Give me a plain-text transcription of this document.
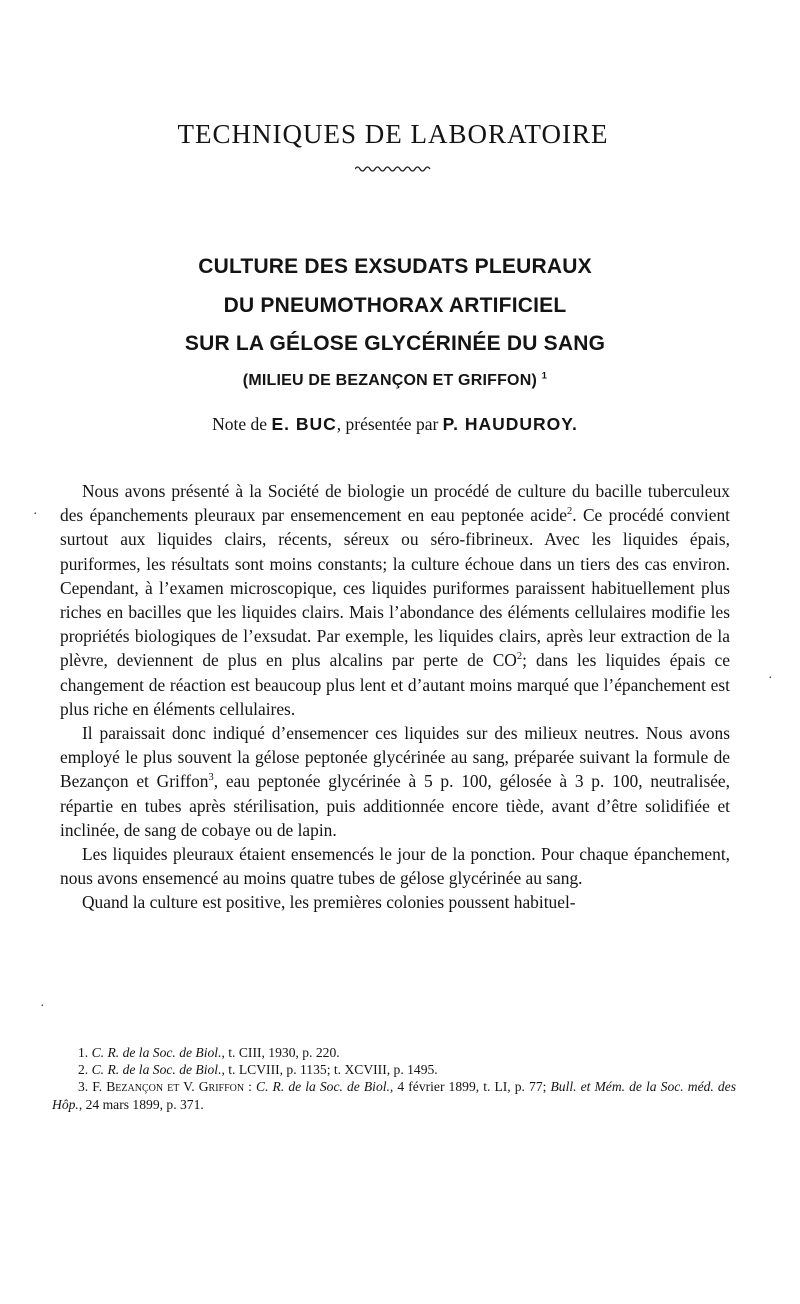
TECHNIQUES DE LABORATOIRE
CULTURE DES EXSUDATS PLEURAUX
DU PNEUMOTHORAX ARTIFICIEL
SUR LA GÉLOSE GLYCÉRINÉE DU SANG
(MILIEU DE BEZANÇON ET GRIFFON) $^1$
Note de E. BUC, présentée par P. HAUDUROY.
·
·
·

Nous avons présenté à la Société de biologie un procédé de culture du bacille tuberculeux des épanchements pleuraux par ensemencement en eau peptonée acide$^2$. Ce procédé convient surtout aux liquides clairs, récents, séreux ou séro-fibrineux. Avec les liquides épais, puriformes, les résultats sont moins constants; la culture échoue dans un tiers des cas environ. Cependant, à l’examen microscopique, ces liquides puriformes paraissent habituellement plus riches en bacilles que les liquides clairs. Mais l’abondance des éléments cellulaires modifie les propriétés biologiques de l’exsudat. Par exemple, les liquides clairs, après leur extraction de la plèvre, deviennent de plus en plus alcalins par perte de $CO^2$; dans les liquides épais ce changement de réaction est beaucoup plus lent et d’autant moins marqué que l’épanchement est plus riche en éléments cellulaires.

Il paraissait donc indiqué d’ensemencer ces liquides sur des milieux neutres. Nous avons employé le plus souvent la gélose peptonée glycérinée au sang, préparée suivant la formule de Bezançon et Griffon$^3$, eau peptonée glycérinée à 5 p. 100, gélosée à 3 p. 100, neutralisée, répartie en tubes après stérilisation, puis additionnée encore tiède, avant d’être solidifiée et inclinée, de sang de cobaye ou de lapin.

Les liquides pleuraux étaient ensemencés le jour de la ponction. Pour chaque épanchement, nous avons ensemencé au moins quatre tubes de gélose glycérinée au sang.

Quand la culture est positive, les premières colonies poussent habituel-

1. C. R. de la Soc. de Biol., t. CIII, 1930, p. 220.

2. C. R. de la Soc. de Biol., t. LCVIII, p. 1135; t. XCVIII, p. 1495.

3. F. Bezançon et V. Griffon : C. R. de la Soc. de Biol., 4 février 1899, t. LI, p. 77; Bull. et Mém. de la Soc. méd. des Hôp., 24 mars 1899, p. 371.
